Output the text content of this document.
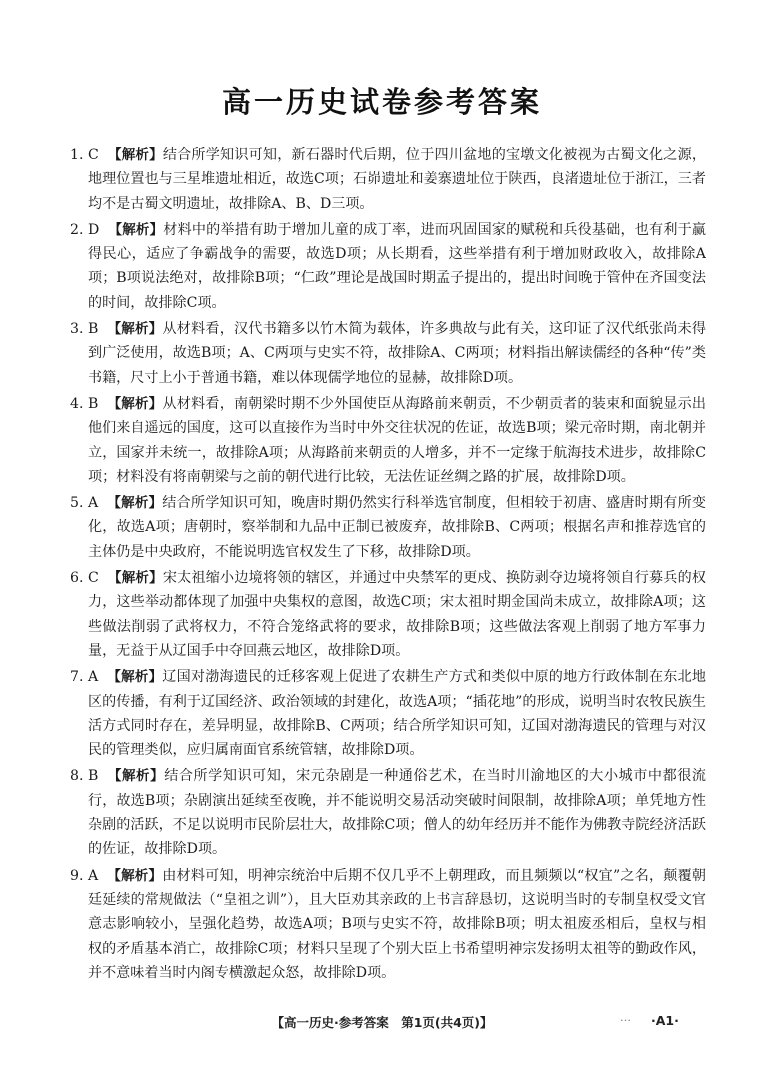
高一历史试卷参考答案
1. C 【解析】结合所学知识可知，新石器时代后期，位于四川盆地的宝墩文化被视为古蜀文化之源，地理位置也与三星堆遗址相近，故选C项；石峁遗址和姜寨遗址位于陕西，良渚遗址位于浙江，三者均不是古蜀文明遗址，故排除A、B、D三项。
2. D 【解析】材料中的举措有助于增加儿童的成丁率，进而巩固国家的赋税和兵役基础，也有利于赢得民心，适应了争霸战争的需要，故选D项；从长期看，这些举措有利于增加财政收入，故排除A项；B项说法绝对，故排除B项；“仁政”理论是战国时期孟子提出的，提出时间晚于管仲在齐国变法的时间，故排除C项。
3. B 【解析】从材料看，汉代书籍多以竹木简为载体，许多典故与此有关，这印证了汉代纸张尚未得到广泛使用，故选B项；A、C两项与史实不符，故排除A、C两项；材料指出解读儒经的各种“传”类书籍，尺寸上小于普通书籍，难以体现儒学地位的显赫，故排除D项。
4. B 【解析】从材料看，南朝梁时期不少外国使臣从海路前来朝贡，不少朝贡者的装束和面貌显示出他们来自遥远的国度，这可以直接作为当时中外交往状况的佐证，故选B项；梁元帝时期，南北朝并立，国家并未统一，故排除A项；从海路前来朝贡的人增多，并不一定缘于航海技术进步，故排除C项；材料没有将南朝梁与之前的朝代进行比较，无法佐证丝绸之路的扩展，故排除D项。
5. A 【解析】结合所学知识可知，晚唐时期仍然实行科举选官制度，但相较于初唐、盛唐时期有所变化，故选A项；唐朝时，察举制和九品中正制已被废弃，故排除B、C两项；根据名声和推荐选官的主体仍是中央政府，不能说明选官权发生了下移，故排除D项。
6. C 【解析】宋太祖缩小边境将领的辖区，并通过中央禁军的更戍、换防剥夺边境将领自行募兵的权力，这些举动都体现了加强中央集权的意图，故选C项；宋太祖时期金国尚未成立，故排除A项；这些做法削弱了武将权力，不符合笼络武将的要求，故排除B项；这些做法客观上削弱了地方军事力量，无益于从辽国手中夺回燕云地区，故排除D项。
7. A 【解析】辽国对渤海遗民的迁移客观上促进了农耕生产方式和类似中原的地方行政体制在东北地区的传播，有利于辽国经济、政治领域的封建化，故选A项；“插花地”的形成，说明当时农牧民族生活方式同时存在，差异明显，故排除B、C两项；结合所学知识可知，辽国对渤海遗民的管理与对汉民的管理类似，应归属南面官系统管辖，故排除D项。
8. B 【解析】结合所学知识可知，宋元杂剧是一种通俗艺术，在当时川渝地区的大小城市中都很流行，故选B项；杂剧演出延续至夜晚，并不能说明交易活动突破时间限制，故排除A项；单凭地方性杂剧的活跃，不足以说明市民阶层壮大，故排除C项；僧人的幼年经历并不能作为佛教寺院经济活跃的佐证，故排除D项。
9. A 【解析】由材料可知，明神宗统治中后期不仅几乎不上朝理政，而且频频以“权宜”之名，颠覆朝廷延续的常规做法（“皇祖之训”），且大臣劝其亲政的上书言辞恳切，这说明当时的专制皇权受文官意志影响较小，呈强化趋势，故选A项；B项与史实不符，故排除B项；明太祖废丞相后，皇权与相权的矛盾基本消亡，故排除C项；材料只呈现了个别大臣上书希望明神宗发扬明太祖等的勤政作风，并不意味着当时内阁专横激起众怒，故排除D项。
【高一历史·参考答案　第1页(共4页)】	… ·A1·
